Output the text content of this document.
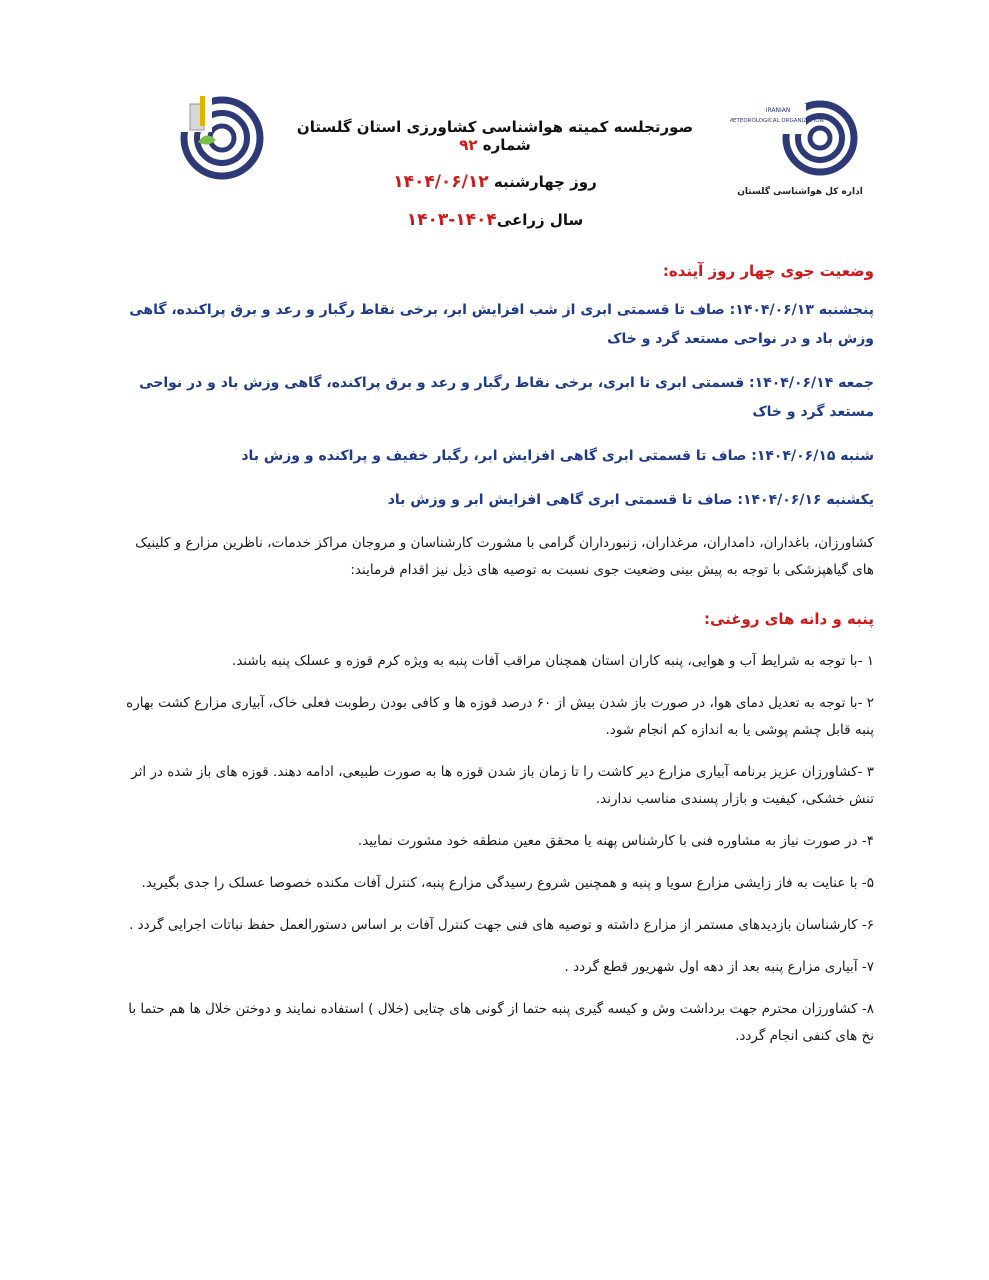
IRANIAN
METEOROLOGICAL ORGANIZATION
اداره کل هواشناسی گلستان
صورتجلسه کمیته هواشناسی کشاورزی استان گلستان شماره ۹۲
روز چهارشنبه ۱۴۰۴/۰۶/۱۲
سال زراعی۱۴۰۴-۱۴۰۳
وضعیت جوی چهار روز آینده:

پنجشنبه ۱۴۰۴/۰۶/۱۳: صاف تا قسمتی ابری از شب افزایش ابر، برخی نقاط رگبار و رعد و برق پراکنده، گاهی وزش باد و در نواحی مستعد گرد و خاک

جمعه ۱۴۰۴/۰۶/۱۴: قسمتی ابری تا ابری، برخی نقاط رگبار و رعد و برق پراکنده، گاهی وزش باد و در نواحی مستعد گرد و خاک

شنبه ۱۴۰۴/۰۶/۱۵: صاف تا قسمتی ابری گاهی افزایش ابر، رگبار خفیف و پراکنده و وزش باد

یکشنبه ۱۴۰۴/۰۶/۱۶: صاف تا قسمتی ابری گاهی افزایش ابر و وزش باد

کشاورزان، باغداران، دامداران، مرغداران، زنبورداران گرامی با مشورت کارشناسان و مروجان مراکز خدمات، ناظرین مزارع و کلینیک های گیاهپزشکی با توجه به پیش بینی وضعیت جوی نسبت به توصیه های ذیل نیز اقدام فرمایند:

پنبه و دانه های روغنی:

۱ -با توجه به شرایط آب و هوایی، پنبه کاران استان همچنان مراقب آفات پنبه به ویژه کرم قوزه و عسلک پنبه باشند.

۲ -با توجه به تعدیل دمای هوا، در صورت باز شدن بیش از ۶۰ درصد قوزه ها و کافی بودن رطوبت فعلی خاک، آبیاری مزارع کشت بهاره پنبه قابل چشم پوشی یا به اندازه کم انجام شود.

۳ -کشاورزان عزیز برنامه آبیاری مزارع دیر کاشت را تا زمان باز شدن قوزه ها به صورت طبیعی، ادامه دهند. قوزه های باز شده در اثر تنش خشکی، کیفیت و بازار پسندی مناسب ندارند.

۴- در صورت نیاز به مشاوره فنی با کارشناس پهنه یا محقق معین منطقه خود مشورت نمایید.

۵- با عنایت به فاز زایشی مزارع سویا و پنبه و همچنین شروع رسیدگی مزارع پنبه، کنترل آفات مکنده خصوصا عسلک را جدی بگیرید.

۶- کارشناسان بازدیدهای مستمر از مزارع داشته و توصیه های فنی جهت کنترل آفات بر اساس دستورالعمل حفظ نباتات اجرایی گردد .

۷- آبیاری مزارع پنبه بعد از دهه اول شهریور قطع گردد .

۸- کشاورزان محترم جهت برداشت وش و کیسه گیری پنبه حتما از گونی های چتایی (خلال ) استفاده نمایند و دوختن خلال ها هم حتما با نخ های کنفی انجام گردد.
